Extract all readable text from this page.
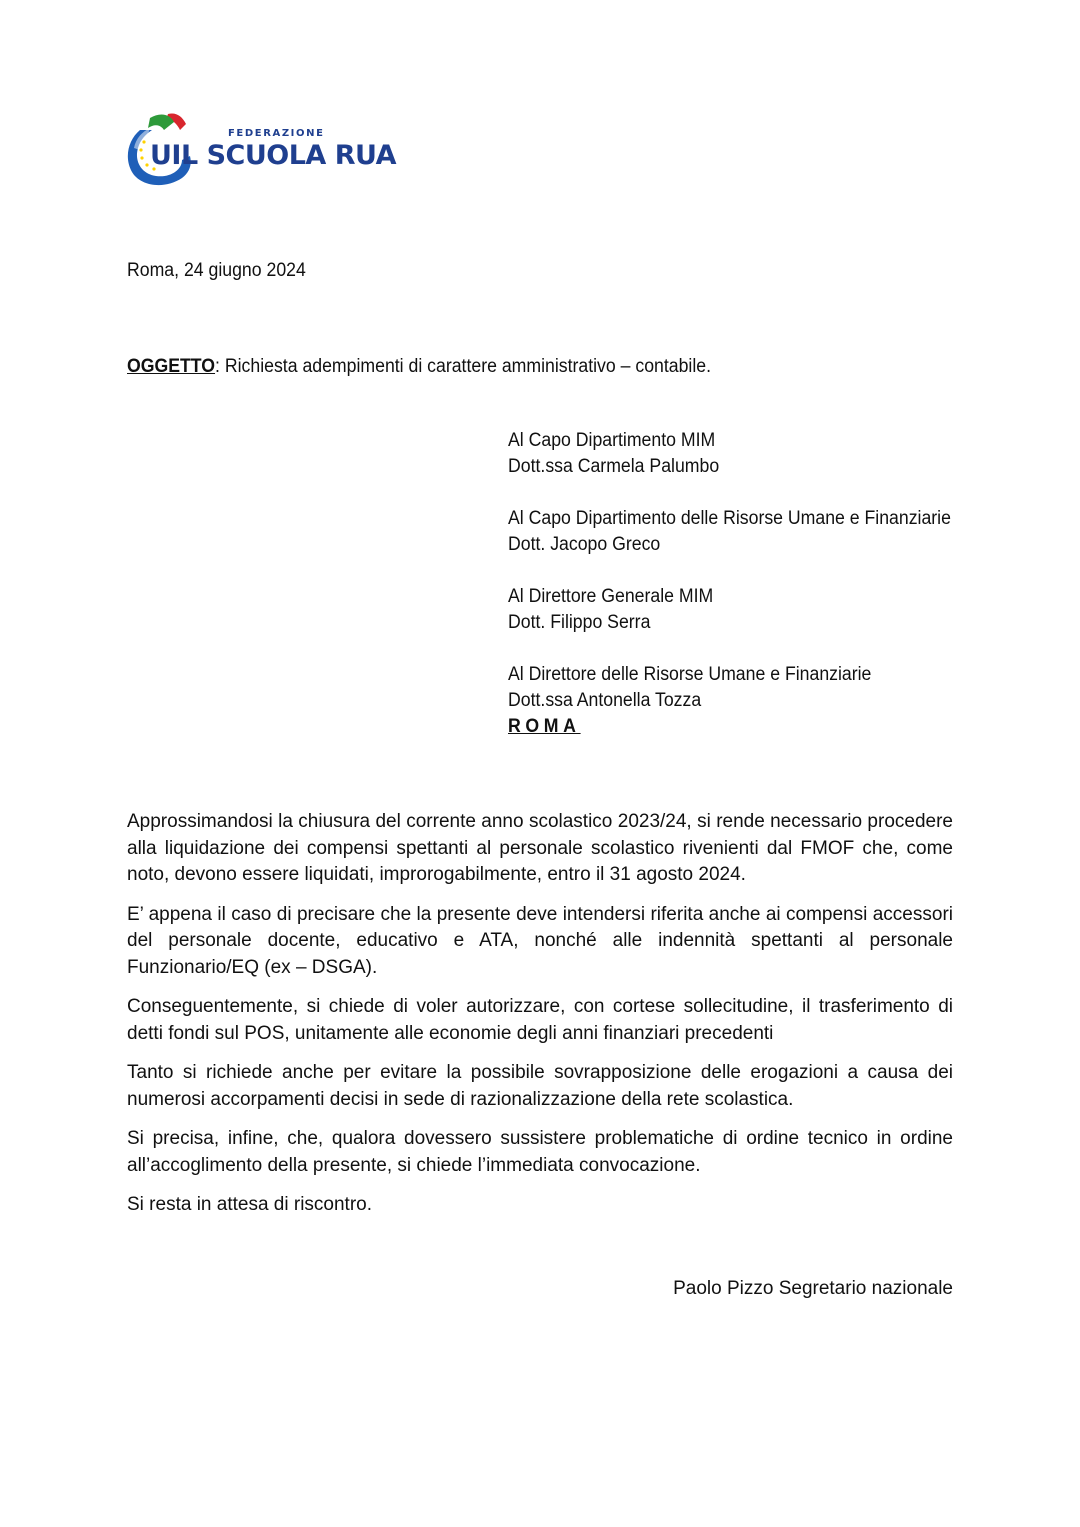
FEDERAZIONE
UIL SCUOLA RUA
Roma, 24 giugno 2024
OGGETTO: Richiesta adempimenti di carattere amministrativo – contabile.
Al Capo Dipartimento MIM
Dott.ssa Carmela Palumbo
Al Capo Dipartimento delle Risorse Umane e Finanziarie
Dott. Jacopo Greco
Al Direttore Generale MIM
Dott. Filippo Serra
Al Direttore delle Risorse Umane e Finanziarie
Dott.ssa Antonella Tozza
ROMA

Approssimandosi la chiusura del corrente anno scolastico 2023/24, si rende necessario procedere alla liquidazione dei compensi spettanti al personale scolastico rivenienti dal FMOF che, come noto, devono essere liquidati, improrogabilmente, entro il 31 agosto 2024.

E’ appena il caso di precisare che la presente deve intendersi riferita anche ai compensi accessori del personale docente, educativo e ATA, nonché alle indennità spettanti al personale Funzionario/EQ (ex – DSGA).

Conseguentemente, si chiede di voler autorizzare, con cortese sollecitudine, il trasferimento di detti fondi sul POS, unitamente alle economie degli anni finanziari precedenti

Tanto si richiede anche per evitare la possibile sovrapposizione delle erogazioni a causa dei numerosi accorpamenti decisi in sede di razionalizzazione della rete scolastica.

Si precisa, infine, che, qualora dovessero sussistere problematiche di ordine tecnico in ordine all’accoglimento della presente, si chiede l’immediata convocazione.

Si resta in attesa di riscontro.

Paolo Pizzo Segretario nazionale
